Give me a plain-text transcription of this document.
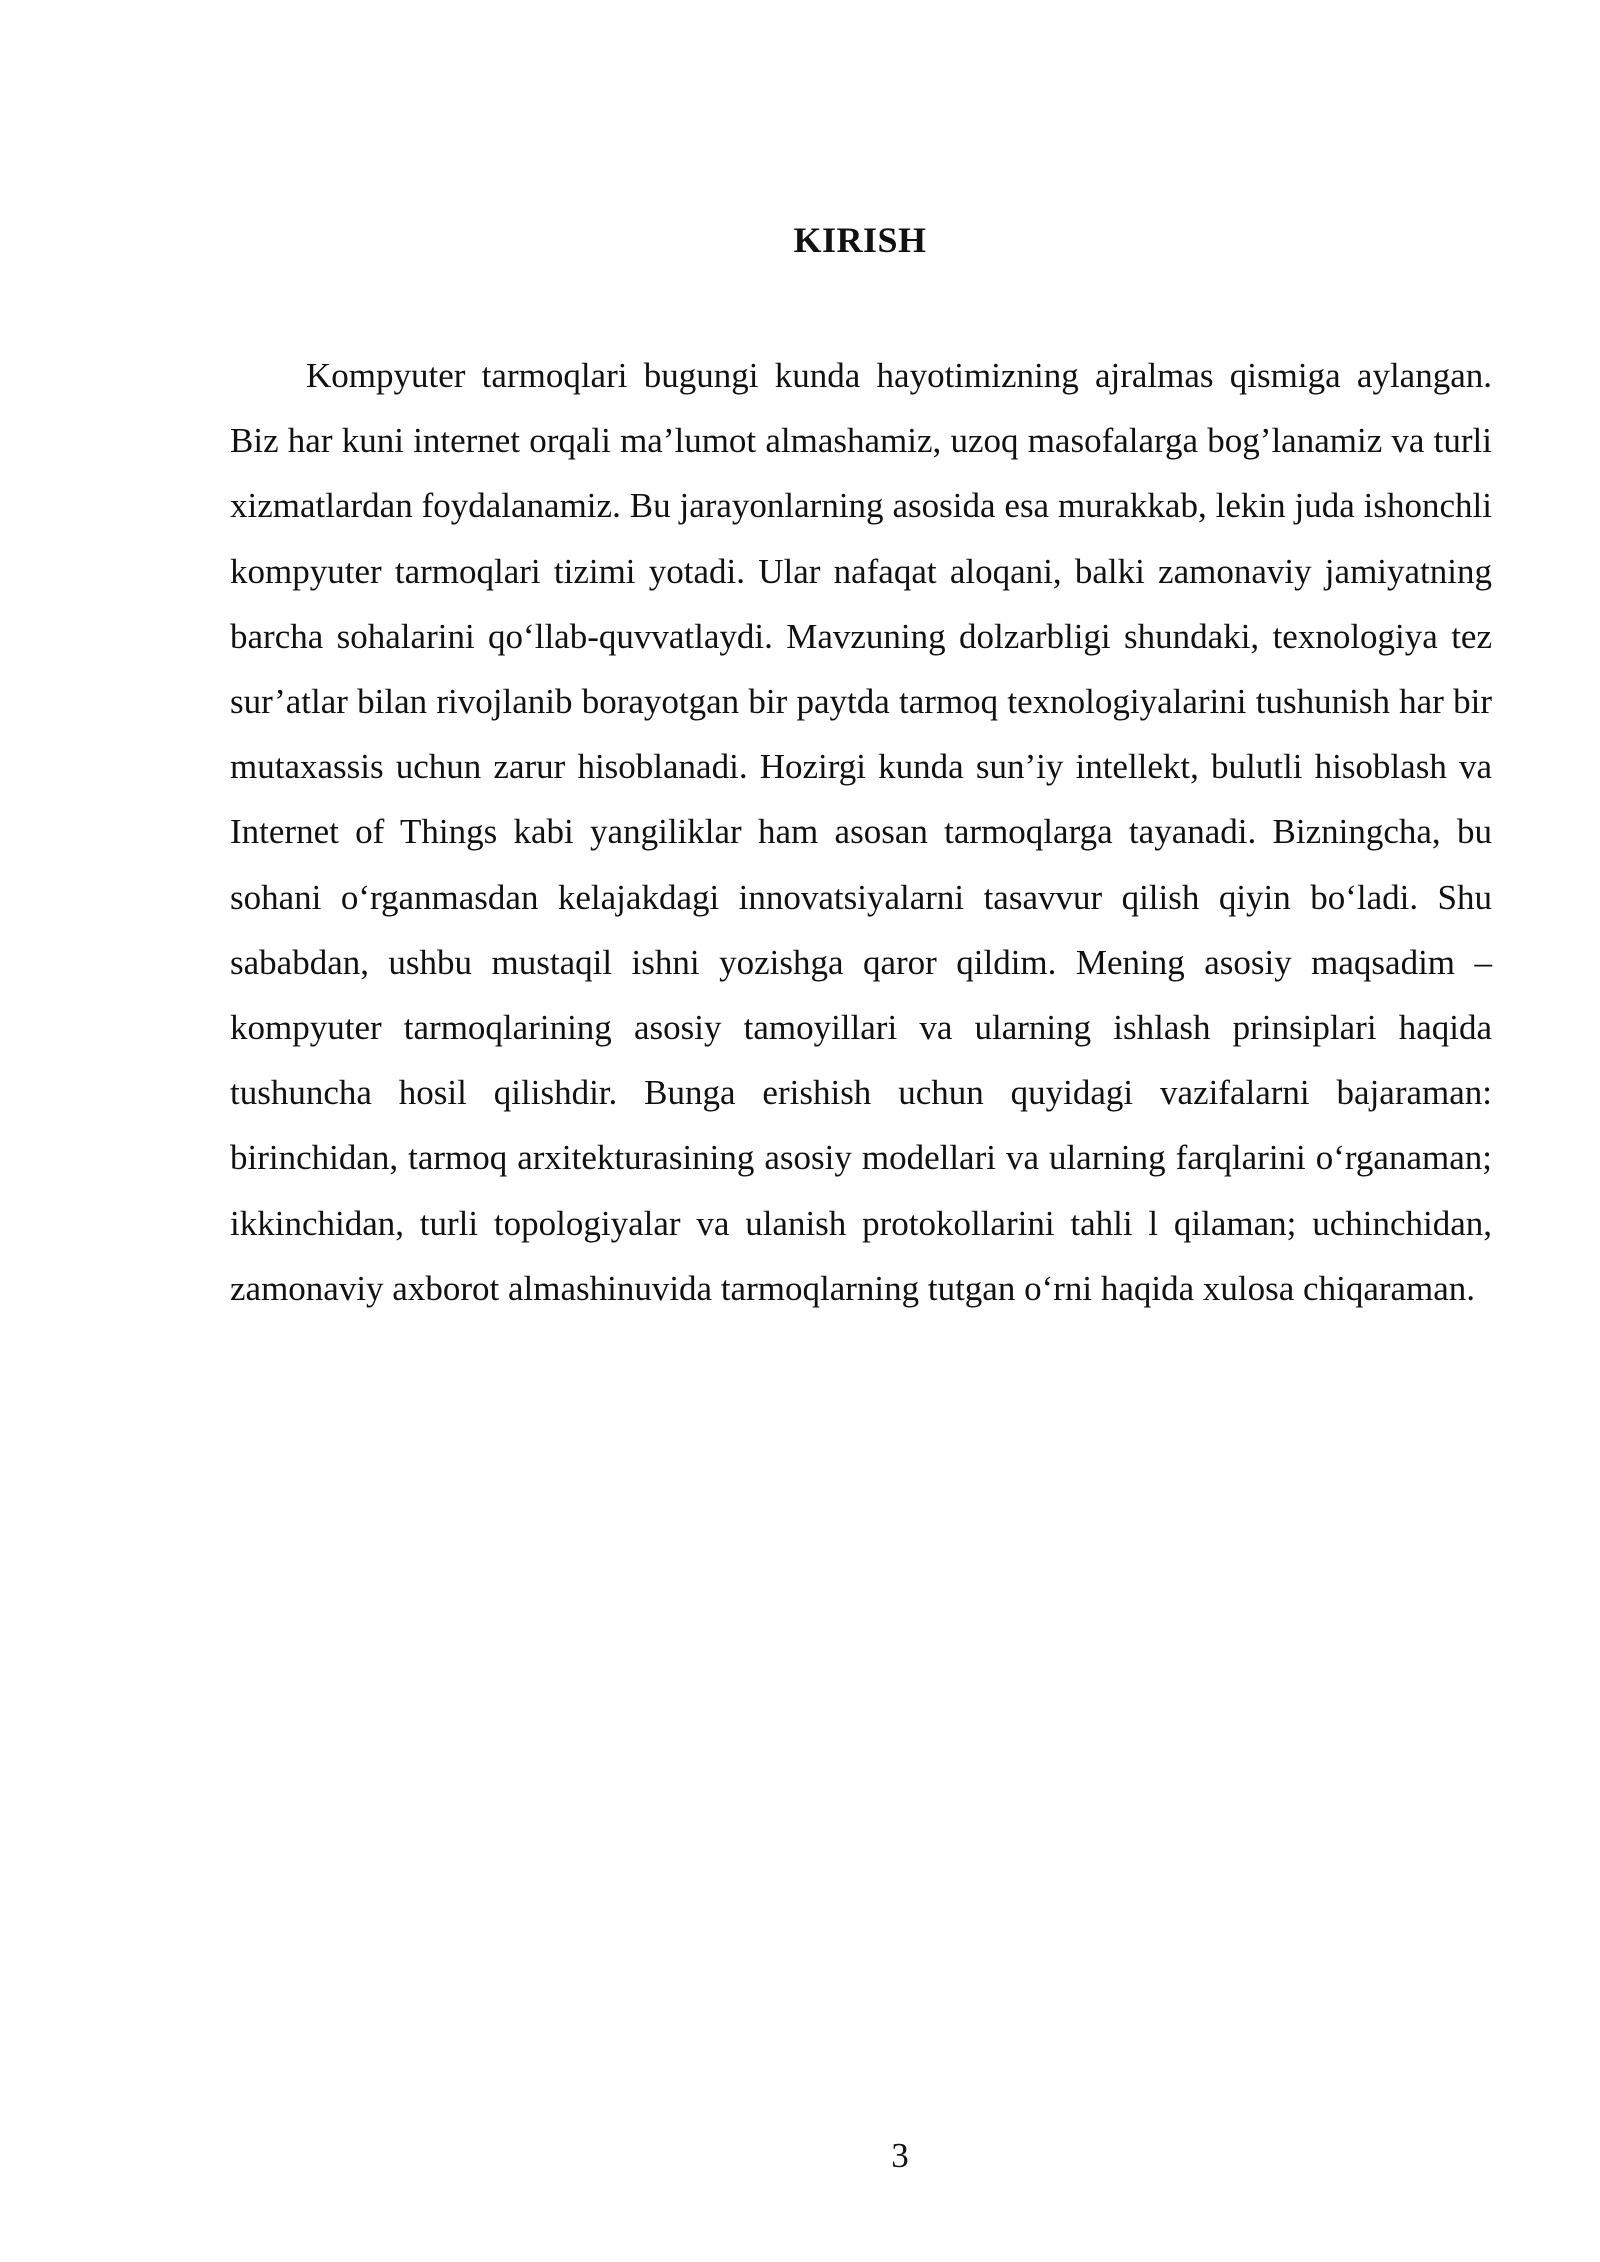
KIRISH

Kompyuter tarmoqlari bugungi kunda hayotimizning ajralmas qismiga aylangan. Biz har kuni internet orqali ma’lumot almashamiz, uzoq masofalarga bog’lanamiz va turli xizmatlardan foydalanamiz. Bu jarayonlarning asosida esa murakkab, lekin juda ishonchli kompyuter tarmoqlari tizimi yotadi. Ular nafaqat aloqani, balki zamonaviy jamiyatning barcha sohalarini qo‘llab-quvvatlaydi. Mavzuning dolzarbligi shundaki, texnologiya tez sur’atlar bilan rivojlanib borayotgan bir paytda tarmoq texnologiyalarini tushunish har bir mutaxassis uchun zarur hisoblanadi. Hozirgi kunda sun’iy intellekt, bulutli hisoblash va Internet of Things kabi yangiliklar ham asosan tarmoqlarga tayanadi. Bizningcha, bu sohani o‘rganmasdan kelajakdagi innovatsiyalarni tasavvur qilish qiyin bo‘ladi. Shu sababdan, ushbu mustaqil ishni yozishga qaror qildim. Mening asosiy maqsadim – kompyuter tarmoqlarining asosiy tamoyillari va ularning ishlash prinsiplari haqida tushuncha hosil qilishdir. Bunga erishish uchun quyidagi vazifalarni bajaraman: birinchidan, tarmoq arxitekturasining asosiy modellari va ularning farqlarini o‘rganaman; ikkinchidan, turli topologiyalar va ulanish protokollarini tahli l qilaman; uchinchidan, zamonaviy axborot almashinuvida tarmoqlarning tutgan o‘rni haqida xulosa chiqaraman.

3
